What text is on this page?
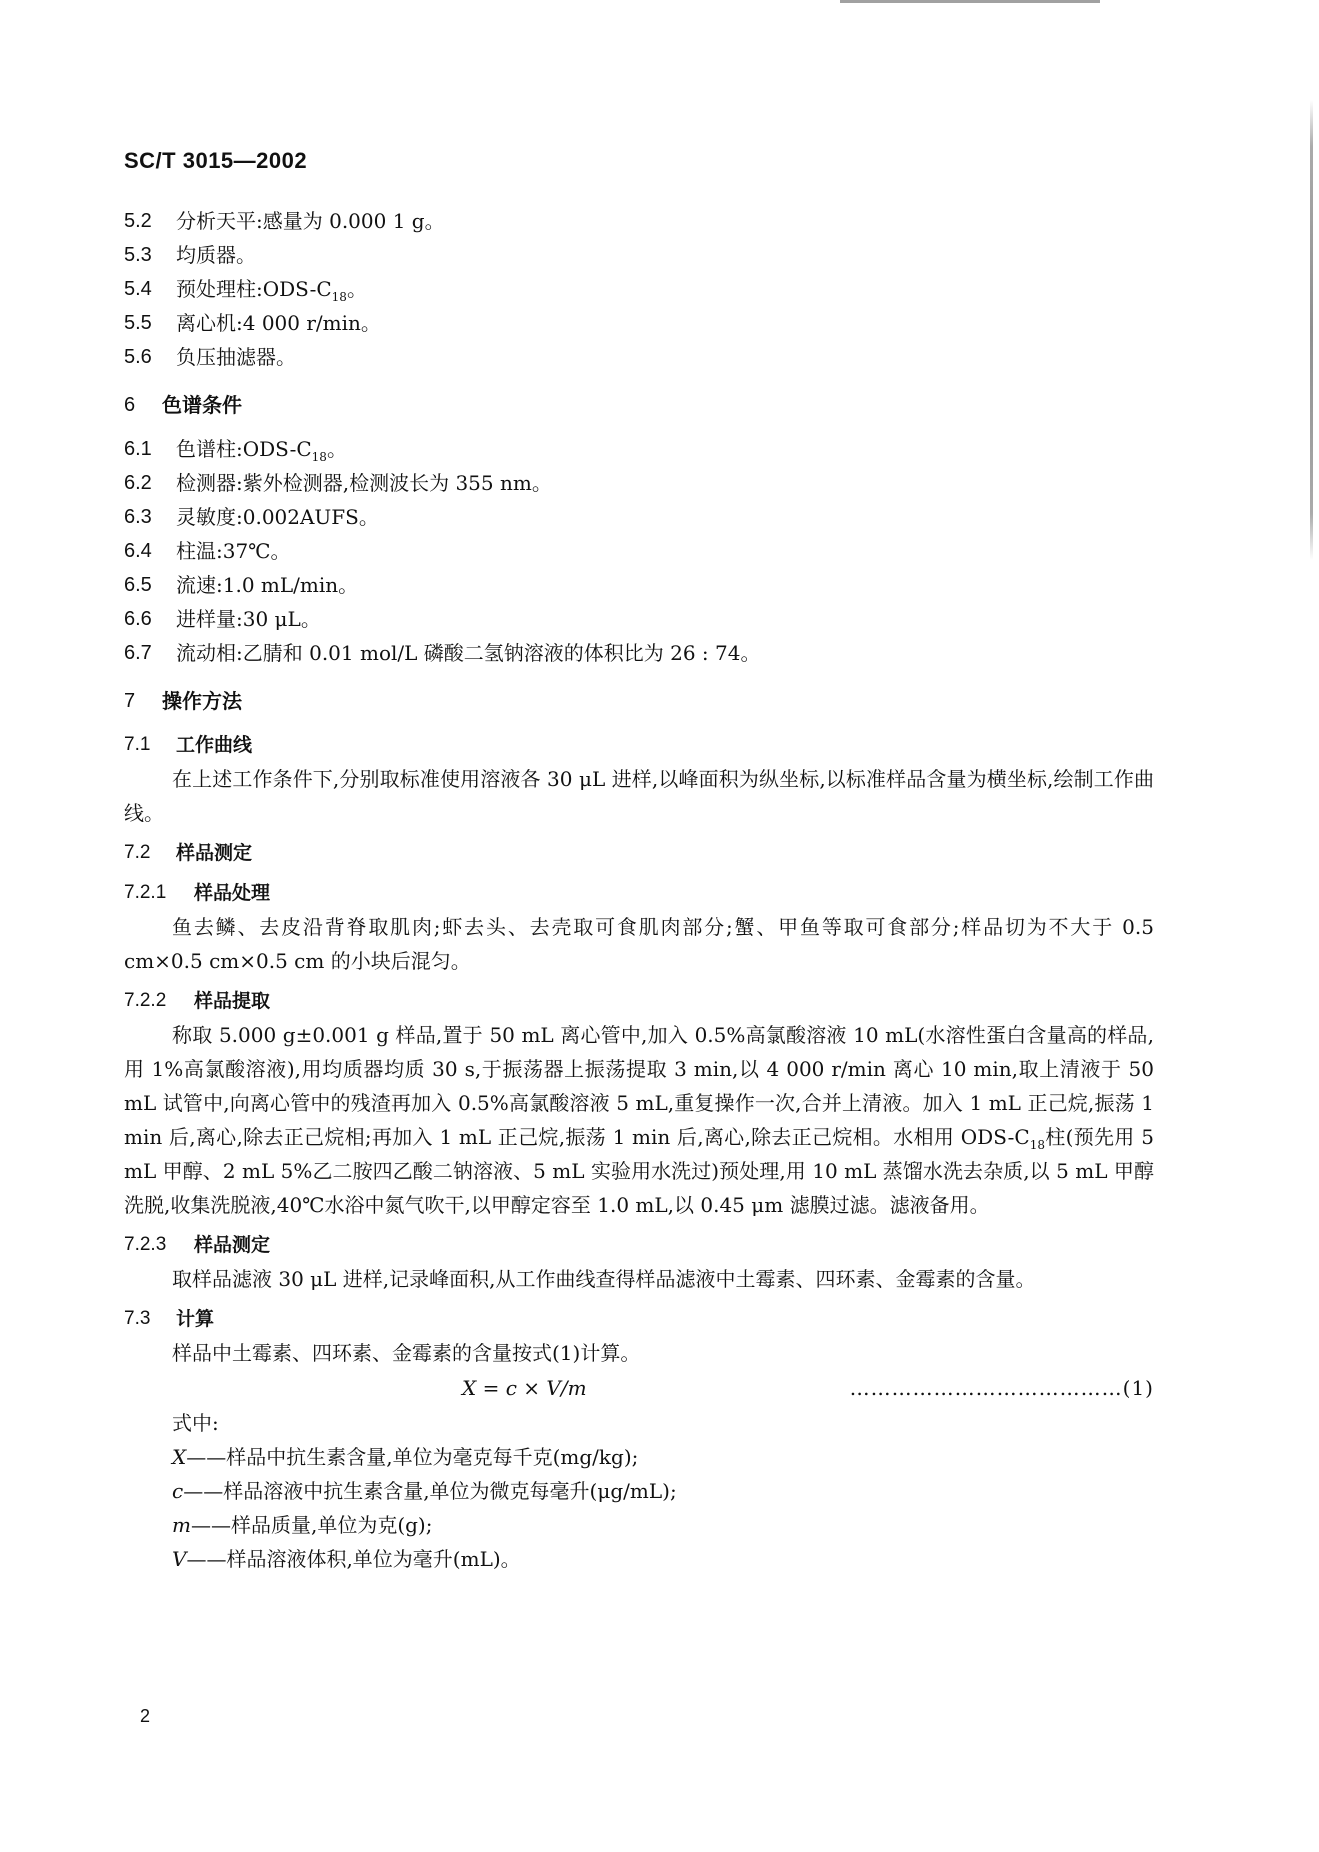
SC/T 3015—2002
5.2	分析天平:感量为 0.000 1 g。
5.3	均质器。
5.4	预处理柱$:ODS-C_{18}$。
5.5	离心机:4 000 r/min。
5.6	负压抽滤器。
6	色谱条件
6.1	色谱柱$:ODS-C_{18}$。
6.2	检测器:紫外检测器,检测波长为 355 nm。
6.3	灵敏度:0.002AUFS。
6.4	柱温:37℃。
6.5	流速:1.0 mL/min。
6.6	进样量:30 μL。
6.7	流动相:乙腈和 0.01 mol/L 磷酸二氢钠溶液的体积比为 26 : 74。
7	操作方法
7.1	工作曲线

在上述工作条件下,分别取标准使用溶液各 30 μL 进样,以峰面积为纵坐标,以标准样品含量为横坐标,绘制工作曲线。

7.2	样品测定
7.2.1	样品处理

鱼去鳞、去皮沿背脊取肌肉;虾去头、去壳取可食肌肉部分;蟹、甲鱼等取可食部分;样品切为不大于 0.5 cm×0.5 cm×0.5 cm 的小块后混匀。

7.2.2	样品提取

称取 5.000 g±0.001 g 样品,置于 50 mL 离心管中,加入 0.5%高氯酸溶液 10 mL(水溶性蛋白含量高的样品,用 1%高氯酸溶液),用均质器均质 30 s,于振荡器上振荡提取 3 min,以 4 000 r/min 离心 10 min,取上清液于 50 mL 试管中,向离心管中的残渣再加入 0.5%高氯酸溶液 5 mL,重复操作一次,合并上清液。加入 1 mL 正己烷,振荡 1 min 后,离心,除去正己烷相;再加入 1 mL 正己烷,振荡 1 min 后,离心,除去正己烷相。水相用 ODS-$C_{18}$柱(预先用 5 mL 甲醇、2 mL 5%乙二胺四乙酸二钠溶液、5 mL 实验用水洗过)预处理,用 10 mL 蒸馏水洗去杂质,以 5 mL 甲醇洗脱,收集洗脱液,40℃水浴中氮气吹干,以甲醇定容至 1.0 mL,以 0.45 μm 滤膜过滤。滤液备用。

7.2.3	样品测定

取样品滤液 30 μL 进样,记录峰面积,从工作曲线查得样品滤液中土霉素、四环素、金霉素的含量。

7.3	计算
样品中土霉素、四环素、金霉素的含量按式(1)计算。
X = c × V/m	…………………………………(1)
式中:
X——样品中抗生素含量,单位为毫克每千克(mg/kg);
c——样品溶液中抗生素含量,单位为微克每毫升(μg/mL);
m——样品质量,单位为克(g);
V——样品溶液体积,单位为毫升(mL)。
2
